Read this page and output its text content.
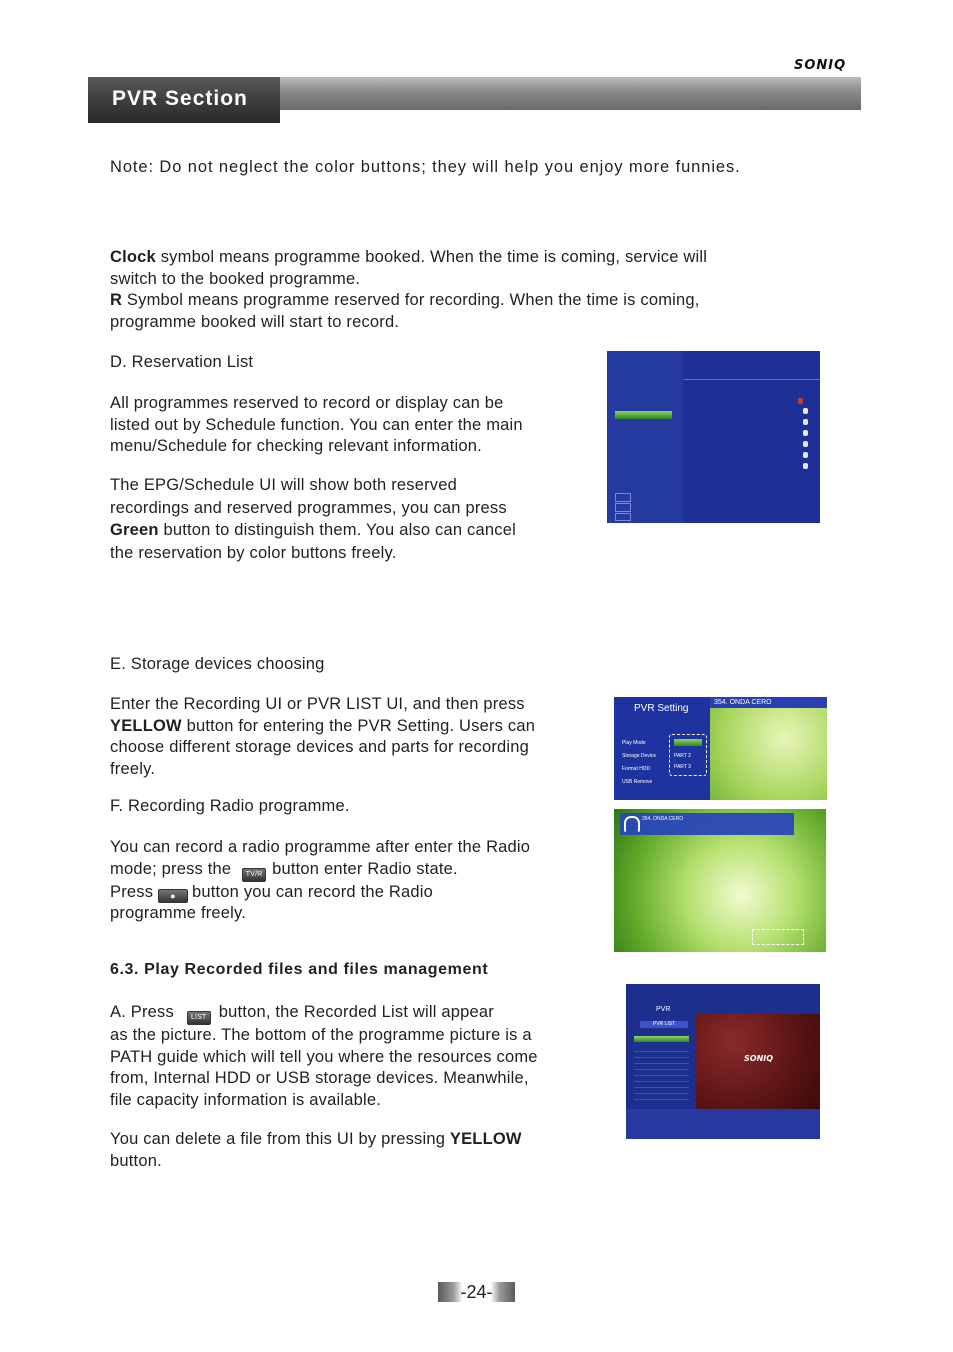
SONIQ
PVR Section
Note: Do not neglect the color buttons; they will help you enjoy more funnies.
Clock symbol means programme booked. When the time is coming, service will
switch to the booked programme.
R Symbol means programme reserved for recording. When the time is coming,
programme booked will start to record.
D. Reservation List
All programmes reserved to record or display can be
listed out by Schedule function. You can enter the main
menu/Schedule for checking relevant information.
The EPG/Schedule UI will show both reserved
recordings and reserved programmes, you can press
Green button to distinguish them. You also can cancel
the reservation by color buttons freely.
E. Storage devices choosing
Enter the Recording UI or PVR LIST UI, and then press
YELLOW button for entering the PVR Setting. Users can
choose different storage devices and parts for recording
freely.
PVR Setting
Play Mode
Storage Device
Format HDD
USB Remove
PART 2
PART 3
354. ONDA CERO
F. Recording Radio programme.
You can record a radio programme after enter the Radio
mode; press the TV/R button enter Radio state.
Press ● button you can record the Radio
programme freely.
354. ONDA CERO
6.3. Play Recorded files and files management
A. Press LIST button, the Recorded List will appear
as the picture. The bottom of the programme picture is a
PATH guide which will tell you where the resources come
from, Internal HDD or USB storage devices. Meanwhile,
file capacity information is available.
You can delete a file from this UI by pressing YELLOW
button.
PVR
PVR LIST
SONIQ
-24-
